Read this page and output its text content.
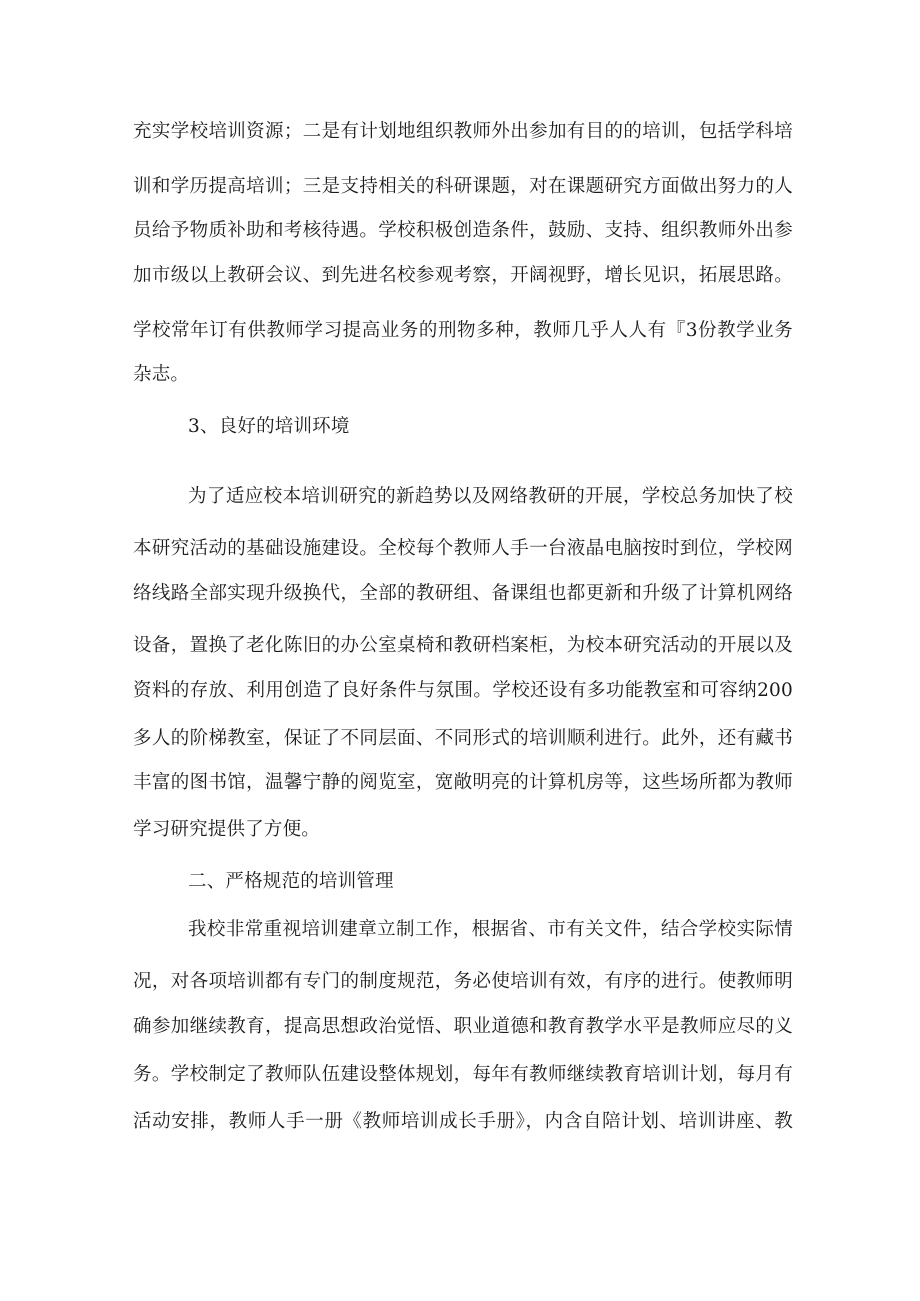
充实学校培训资源；二是有计划地组织教师外出参加有目的的培训，包括学科培
训和学历提高培训；三是支持相关的科研课题，对在课题研究方面做出努力的人
员给予物质补助和考核待遇。学校积极创造条件，鼓励、支持、组织教师外出参
加市级以上教研会议、到先进名校参观考察，开阔视野，增长见识，拓展思路。
学校常年订有供教师学习提高业务的刑物多种，教师几乎人人有『3份教学业务
杂志。
3、良好的培训环境
为了适应校本培训研究的新趋势以及网络教研的开展，学校总务加快了校
本研究活动的基础设施建设。全校每个教师人手一台液晶电脑按时到位，学校网
络线路全部实现升级换代，全部的教研组、备课组也都更新和升级了计算机网络
设备，置换了老化陈旧的办公室桌椅和教研档案柜，为校本研究活动的开展以及
资料的存放、利用创造了良好条件与氛围。学校还设有多功能教室和可容纳200
多人的阶梯教室，保证了不同层面、不同形式的培训顺利进行。此外，还有藏书
丰富的图书馆，温馨宁静的阅览室，宽敞明亮的计算机房等，这些场所都为教师
学习研究提供了方便。
二、严格规范的培训管理
我校非常重视培训建章立制工作，根据省、市有关文件，结合学校实际情
况，对各项培训都有专门的制度规范，务必使培训有效，有序的进行。使教师明
确参加继续教育，提高思想政治觉悟、职业道德和教育教学水平是教师应尽的义
务。学校制定了教师队伍建设整体规划，每年有教师继续教育培训计划，每月有
活动安排，教师人手一册《教师培训成长手册》，内含自陪计划、培训讲座、教
